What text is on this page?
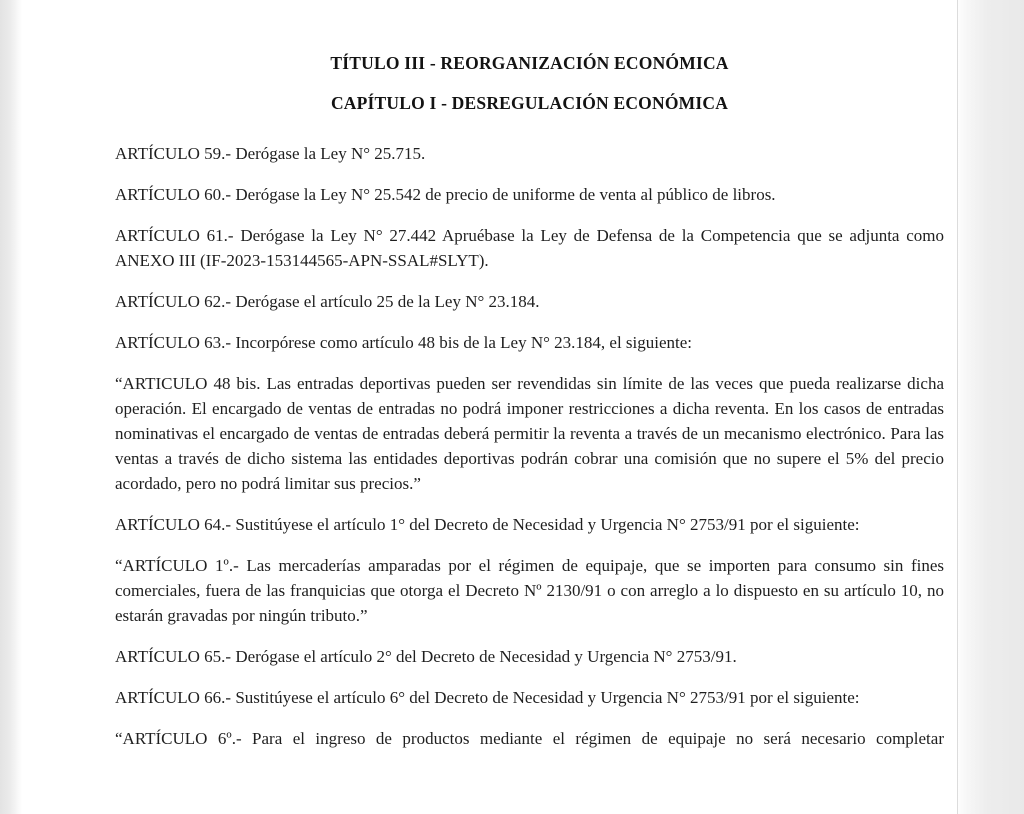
TÍTULO III - REORGANIZACIÓN ECONÓMICA
CAPÍTULO I - DESREGULACIÓN ECONÓMICA

ARTÍCULO 59.- Derógase la Ley N° 25.715.

ARTÍCULO 60.- Derógase la Ley N° 25.542 de precio de uniforme de venta al público de libros.

ARTÍCULO 61.- Derógase la Ley N° 27.442 Apruébase la Ley de Defensa de la Competencia que se adjunta como ANEXO III (IF-2023-153144565-APN-SSAL#SLYT).

ARTÍCULO 62.- Derógase el artículo 25 de la Ley N° 23.184.

ARTÍCULO 63.- Incorpórese como artículo 48 bis de la Ley N° 23.184, el siguiente:

“ARTICULO 48 bis. Las entradas deportivas pueden ser revendidas sin límite de las veces que pueda realizarse dicha operación. El encargado de ventas de entradas no podrá imponer restricciones a dicha reventa. En los casos de entradas nominativas el encargado de ventas de entradas deberá permitir la reventa a través de un mecanismo electrónico. Para las ventas a través de dicho sistema las entidades deportivas podrán cobrar una comisión que no supere el 5% del precio acordado, pero no podrá limitar sus precios.”

ARTÍCULO 64.- Sustitúyese el artículo 1° del Decreto de Necesidad y Urgencia N° 2753/91 por el siguiente:

“ARTÍCULO 1º.- Las mercaderías amparadas por el régimen de equipaje, que se importen para consumo sin fines comerciales, fuera de las franquicias que otorga el Decreto Nº 2130/91 o con arreglo a lo dispuesto en su artículo 10, no estarán gravadas por ningún tributo.”

ARTÍCULO 65.- Derógase el artículo 2° del Decreto de Necesidad y Urgencia N° 2753/91.

ARTÍCULO 66.- Sustitúyese el artículo 6° del Decreto de Necesidad y Urgencia N° 2753/91 por el siguiente:

“ARTÍCULO 6º.- Para el ingreso de productos mediante el régimen de equipaje no será necesario completar
